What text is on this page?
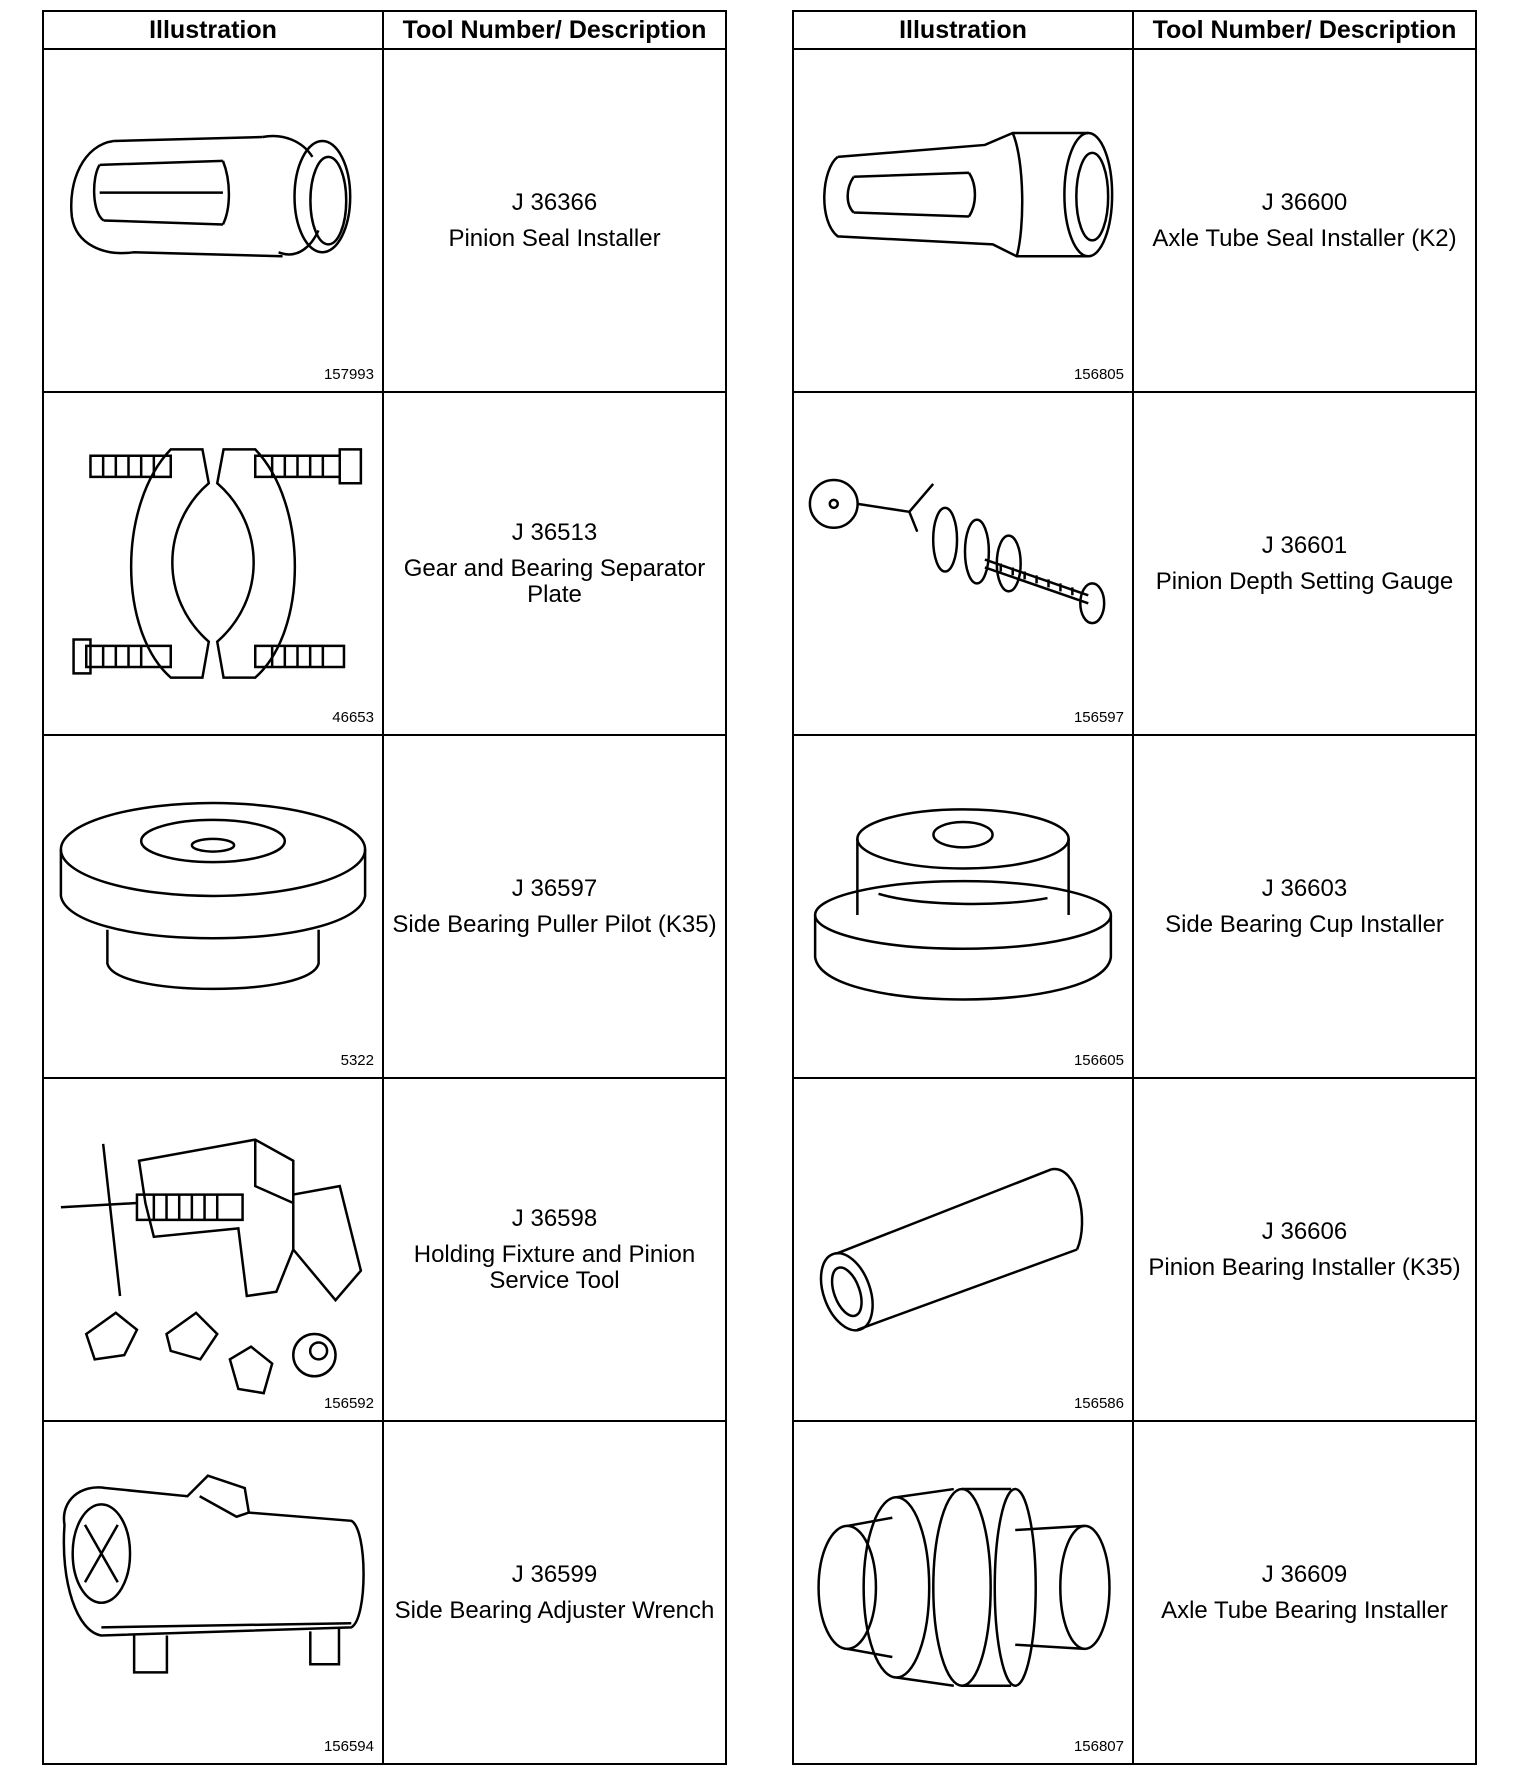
Illustration	Tool Number/ Description

157993	J 36366
Pinion Seal Installer

46653	J 36513
Gear and Bearing Separator Plate

5322	J 36597
Side Bearing Puller Pilot (K35)

156592	J 36598
Holding Fixture and Pinion Service Tool

156594	J 36599
Side Bearing Adjuster Wrench
Illustration	Tool Number/ Description

156805	J 36600
Axle Tube Seal Installer (K2)

156597	J 36601
Pinion Depth Setting Gauge

156605	J 36603
Side Bearing Cup Installer

156586	J 36606
Pinion Bearing Installer (K35)

156807	J 36609
Axle Tube Bearing Installer
